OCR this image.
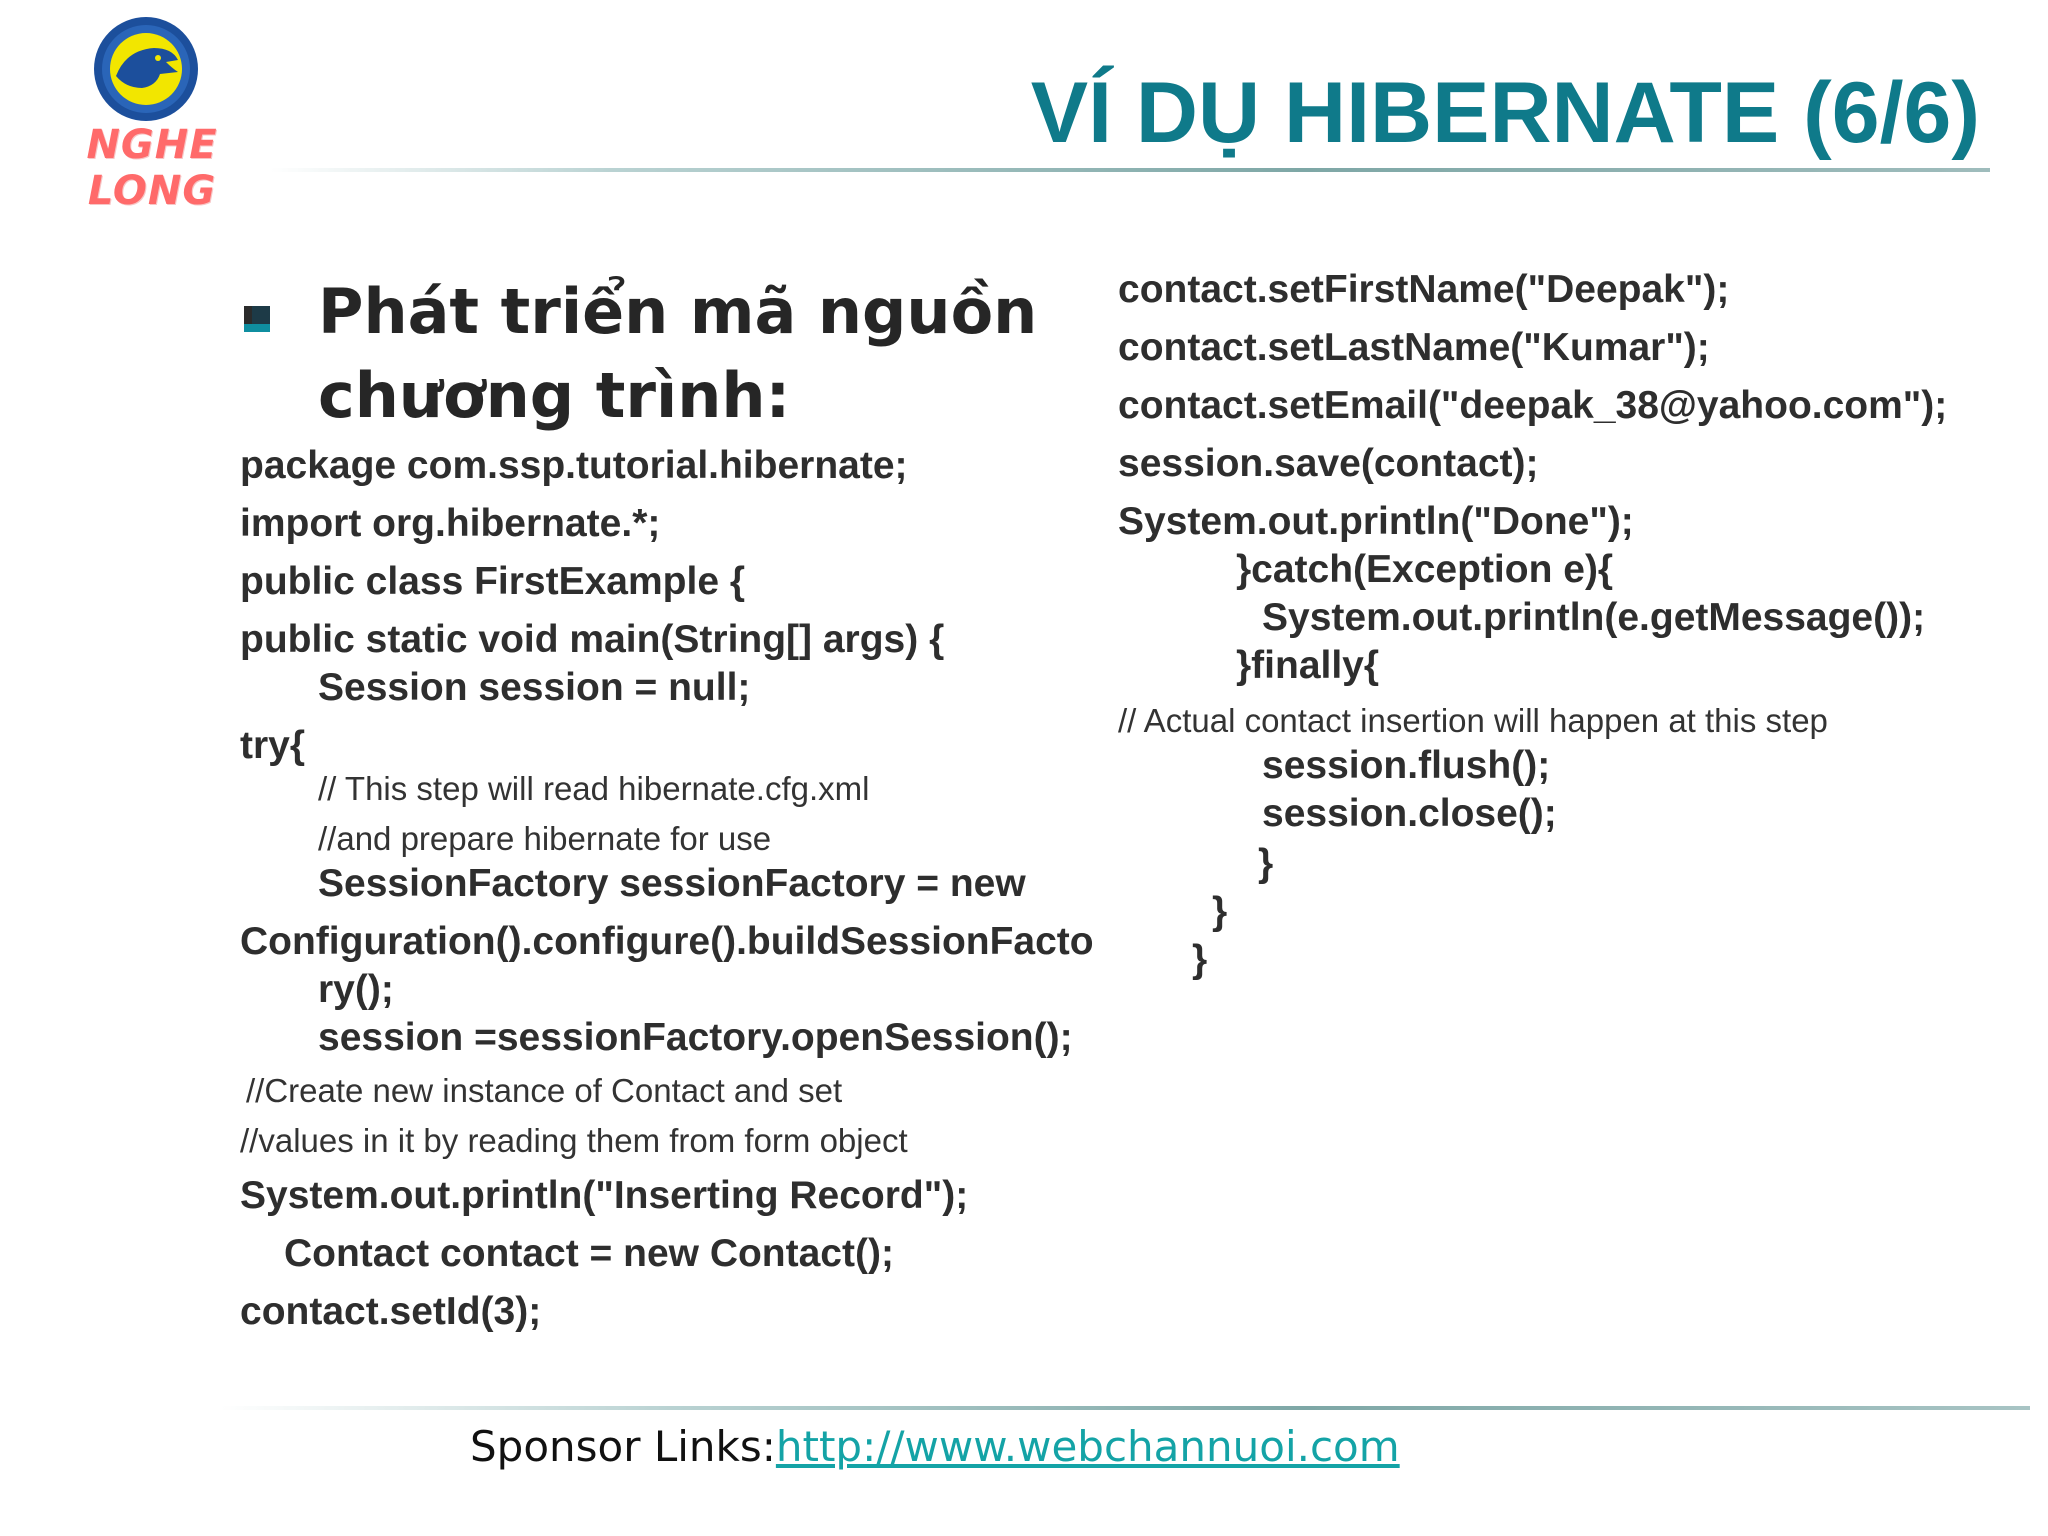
NGHE LONG
VÍ DỤ HIBERNATE (6/6)
Phát triển mã nguồn
chương trình:
package com.ssp.tutorial.hibernate;
import org.hibernate.*;
public class FirstExample {
public static void main(String[] args) {
Session session = null;
try{
// This step will read hibernate.cfg.xml
//and prepare hibernate for use
SessionFactory sessionFactory = new
Configuration().configure().buildSessionFacto
ry();
session =sessionFactory.openSession();
//Create new instance of Contact and set
//values in it by reading them from form object
System.out.println("Inserting Record");
Contact contact = new Contact();
contact.setId(3);
contact.setFirstName("Deepak");
contact.setLastName("Kumar");
contact.setEmail("deepak_38@yahoo.com");
session.save(contact);
System.out.println("Done");
}catch(Exception e){
System.out.println(e.getMessage());
}finally{
// Actual contact insertion will happen at this step
session.flush();
session.close();
}
}
}
Sponsor Links:http://www.webchannuoi.com
